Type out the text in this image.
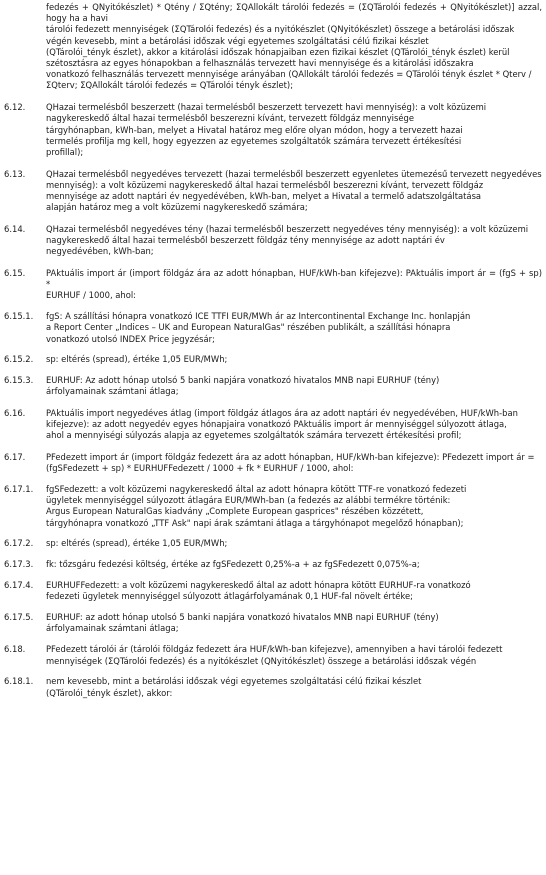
fedezés + QNyitókészlet) * Qtény / ΣQtény; ΣQAllokált tárolói fedezés = (ΣQTárolói fedezés + QNyitókészlet)] azzal, hogy ha a havi

tárolói fedezett mennyiségek (ΣQTárolói fedezés) és a nyitókészlet (QNyitókészlet) összege a betárolási időszak

végén kevesebb, mint a betárolási időszak végi egyetemes szolgáltatási célú fizikai készlet

(QTárolói_tényk észlet), akkor a kitárolási időszak hónapjaiban ezen fizikai készlet (QTárolói_tényk észlet) kerül

szétosztásra az egyes hónapokban a felhasználás tervezett havi mennyisége és a kitárolási időszakra

vonatkozó felhasználás tervezett mennyisége arányában (QAllokált tárolói fedezés = QTárolói tényk észlet * Qterv /

ΣQterv; ΣQAllokált tárolói fedezés = QTárolói tényk észlet);

6.12.	QHazai termelésből beszerzett (hazai termelésből beszerzett tervezett havi mennyiség): a volt közüzemi

nagykereskedő által hazai termelésből beszerezni kívánt, tervezett földgáz mennyisége

tárgyhónapban, kWh-ban, melyet a Hivatal határoz meg előre olyan módon, hogy a tervezett hazai

termelés profilja mg kell, hogy egyezzen az egyetemes szolgáltatók számára tervezett értékesítési

profillal);

6.13.	QHazai termelésből negyedéves tervezett (hazai termelésből beszerzett egyenletes ütemezésű tervezett negyedéves

mennyiség): a volt közüzemi nagykereskedő által hazai termelésből beszerezni kívánt, tervezett földgáz

mennyisége az adott naptári év negyedévében, kWh-ban, melyet a Hivatal a termelő adatszolgáltatása

alapján határoz meg a volt közüzemi nagykereskedő számára;

6.14.	QHazai termelésből negyedéves tény (hazai termelésből beszerzett negyedéves tény mennyiség): a volt közüzemi

nagykereskedő által hazai termelésből beszerzett földgáz tény mennyisége az adott naptári év

negyedévében, kWh-ban;

6.15.	PAktuális import ár (import földgáz ára az adott hónapban, HUF/kWh-ban kifejezve): PAktuális import ár = (fgS + sp) *

EURHUF / 1000, ahol:

6.15.1.	fgS: A szállítási hónapra vonatkozó ICE TTFI EUR/MWh ár az Intercontinental Exchange Inc. honlapján

a Report Center „Indices – UK and European NaturalGas" részében publikált, a szállítási hónapra

vonatkozó utolsó INDEX Price jegyzésár;

6.15.2.	sp: eltérés (spread), értéke 1,05 EUR/MWh;

6.15.3.	EURHUF: Az adott hónap utolsó 5 banki napjára vonatkozó hivatalos MNB napi EURHUF (tény)

árfolyamainak számtani átlaga;

6.16.	PAktuális import negyedéves átlag (import földgáz átlagos ára az adott naptári év negyedévében, HUF/kWh-ban

kifejezve): az adott negyedév egyes hónapjaira vonatkozó PAktuális import ár mennyiséggel súlyozott átlaga,

ahol a mennyiségi súlyozás alapja az egyetemes szolgáltatók számára tervezett értékesítési profil;

6.17.	PFedezett import ár (import földgáz fedezett ára az adott hónapban, HUF/kWh-ban kifejezve): PFedezett import ár =

(fgSFedezett + sp) * EURHUFFedezett / 1000 + fk * EURHUF / 1000, ahol:

6.17.1.	fgSFedezett: a volt közüzemi nagykereskedő által az adott hónapra kötött TTF-re vonatkozó fedezeti

ügyletek mennyiséggel súlyozott átlagára EUR/MWh-ban (a fedezés az alábbi termékre történik:

Argus European NaturalGas kiadvány „Complete European gasprices" részében közzétett,

tárgyhónapra vonatkozó „TTF Ask" napi árak számtani átlaga a tárgyhónapot megelőző hónapban);

6.17.2.	sp: eltérés (spread), értéke 1,05 EUR/MWh;

6.17.3.	fk: tőzsgáru fedezési költség, értéke az fgSFedezett 0,25%-a + az fgSFedezett 0,075%-a;

6.17.4.	EURHUFFedezett: a volt közüzemi nagykereskedő által az adott hónapra kötött EURHUF-ra vonatkozó

fedezeti ügyletek mennyiséggel súlyozott átlagárfolyamának 0,1 HUF-fal növelt értéke;

6.17.5.	EURHUF: az adott hónap utolsó 5 banki napjára vonatkozó hivatalos MNB napi EURHUF (tény)

árfolyamainak számtani átlaga;

6.18.	PFedezett tárolói ár (tárolói földgáz fedezett ára HUF/kWh-ban kifejezve), amennyiben a havi tárolói fedezett

mennyiségek (ΣQTárolói fedezés) és a nyitókészlet (QNyitókészlet) összege a betárolási időszak végén

6.18.1.	nem kevesebb, mint a betárolási időszak végi egyetemes szolgáltatási célú fizikai készlet

(QTárolói_tényk észlet), akkor:
